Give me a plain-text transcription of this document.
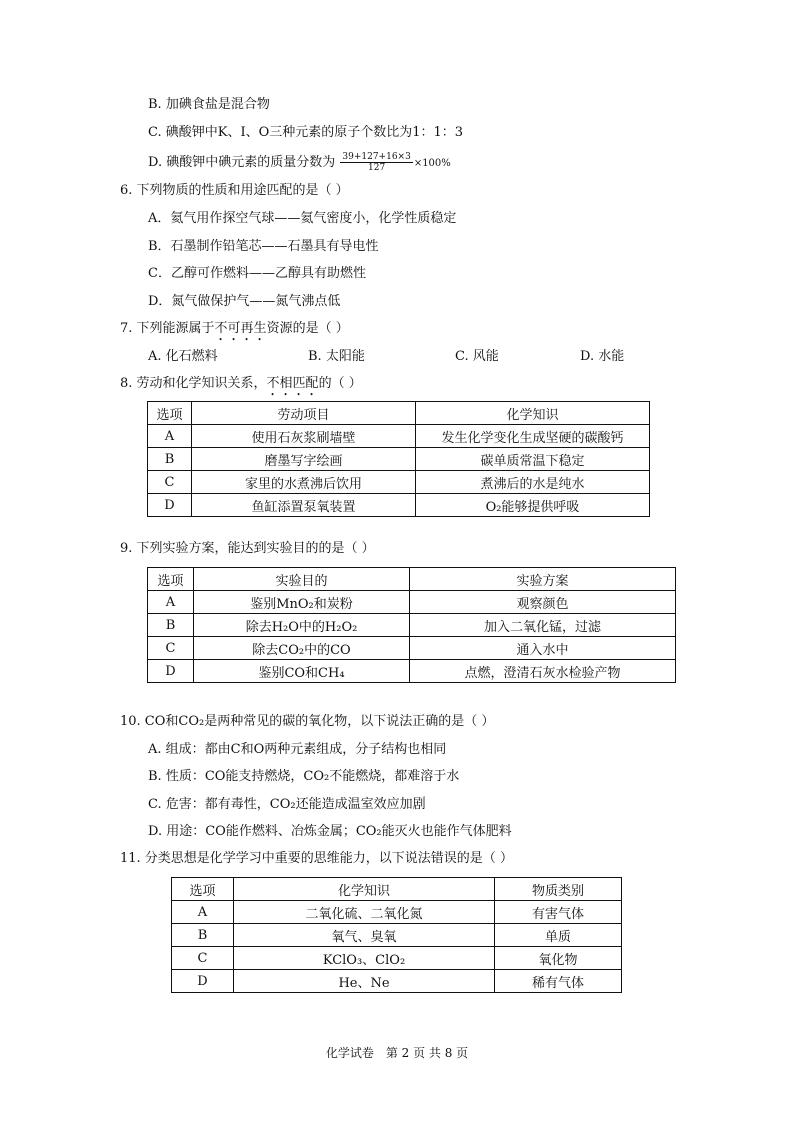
B. 加碘食盐是混合物
C. 碘酸钾中K、I、O三种元素的原子个数比为1：1：3
D. 碘酸钾中碘元素的质量分数为 $\frac{39+127+16\times 3}{127} \times 100\%$
6. 下列物质的性质和用途匹配的是（ ）
A．氦气用作探空气球——氦气密度小，化学性质稳定
B．石墨制作铅笔芯——石墨具有导电性
C．乙醇可作燃料——乙醇具有助燃性
D．氮气做保护气——氮气沸点低
7. 下列能源属于不可再生资源的是（ ）
A. 化石燃料	B. 太阳能	C. 风能	D. 水能
8. 劳动和化学知识关系，不相匹配的（ ）
选项	劳动项目	化学知识
A	使用石灰浆刷墙壁	发生化学变化生成坚硬的碳酸钙
B	磨墨写字绘画	碳单质常温下稳定
C	家里的水煮沸后饮用	煮沸后的水是纯水
D	鱼缸添置泵氧装置	O₂能够提供呼吸
9. 下列实验方案，能达到实验目的的是（ ）
选项	实验目的	实验方案
A	鉴别MnO₂和炭粉	观察颜色
B	除去H₂O中的H₂O₂	加入二氧化锰，过滤
C	除去CO₂中的CO	通入水中
D	鉴别CO和CH₄	点燃，澄清石灰水检验产物
10. CO和CO₂是两种常见的碳的氧化物，以下说法正确的是（ ）
A. 组成：都由C和O两种元素组成，分子结构也相同
B. 性质：CO能支持燃烧，CO₂不能燃烧，都难溶于水
C. 危害：都有毒性，CO₂还能造成温室效应加剧
D. 用途：CO能作燃料、冶炼金属；CO₂能灭火也能作气体肥料
11. 分类思想是化学学习中重要的思维能力，以下说法错误的是（ ）
选项	化学知识	物质类别
A	二氧化硫、二氧化氮	有害气体
B	氧气、臭氧	单质
C	KClO₃、ClO₂	氧化物
D	He、Ne	稀有气体
化学试卷　第 2 页 共 8 页
